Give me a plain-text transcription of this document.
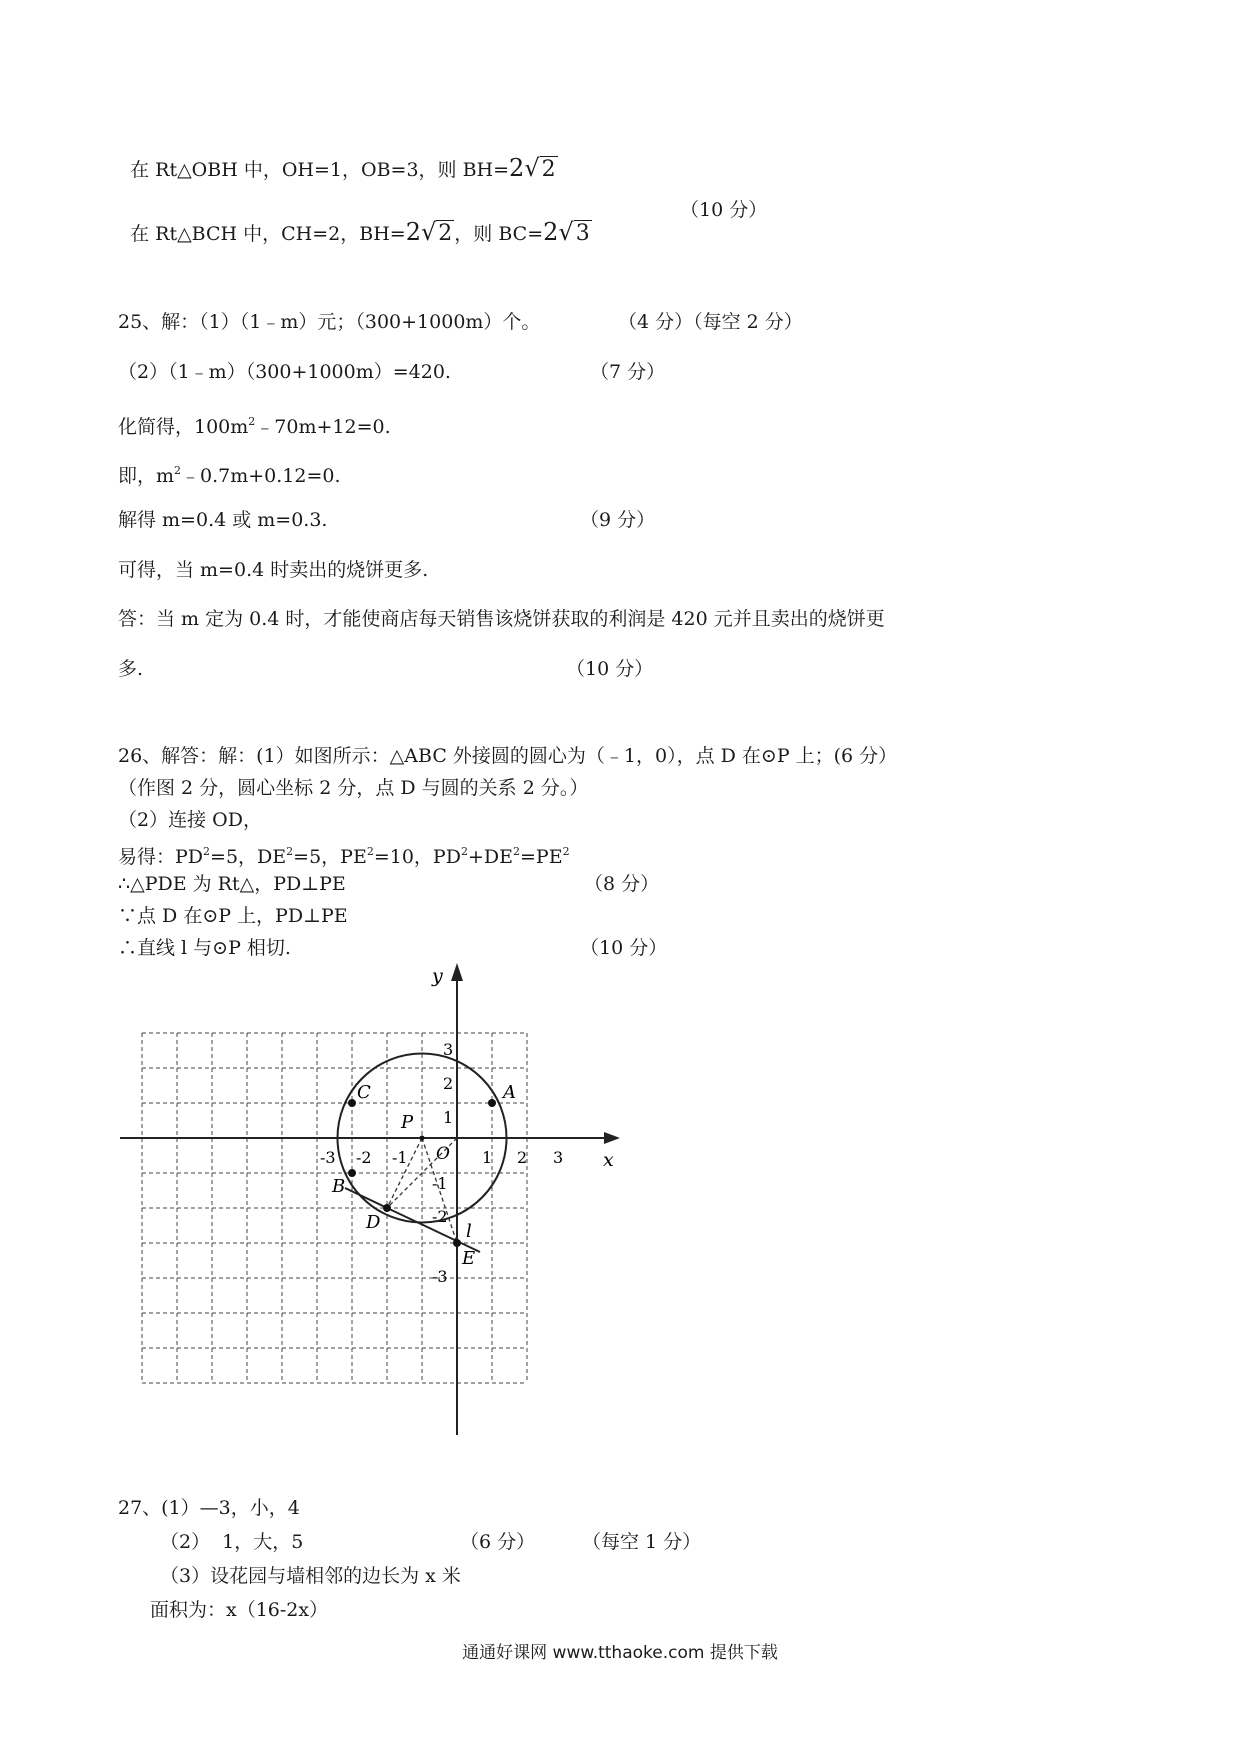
在 Rt△OBH 中，OH=1，OB=3，则 BH=2√2

在 Rt△BCH 中，CH=2，BH=2√2 ，则 BC=2√3

（10 分）
25、解：（1）（1﹣m）元；（300+1000m）个。	（4 分）（每空 2 分）
（2）（1﹣m）（300+1000m）=420.	（7 分）
化简得，$100m^2﹣70m+12=0$.
即，$m^2﹣0.7m+0.12=0$.
解得 m=0.4 或 m=0.3.	（9 分）
可得，当 m=0.4 时卖出的烧饼更多.
答：当 m 定为 0.4 时，才能使商店每天销售该烧饼获取的利润是 420 元并且卖出的烧饼更
多.	（10 分）
26、解答：解：(1）如图所示：△ABC 外接圆的圆心为（﹣1，0），点 D 在⊙P 上；(6 分）
（作图 2 分，圆心坐标 2 分，点 D 与圆的关系 2 分。）
（2）连接 OD，
易得：$PD^2=5$，$DE^2=5$，$PE^2=10$，$PD^2+DE^2=PE^2$
∴△PDE 为 Rt△，PD⊥PE	（8 分）
∵点 D 在⊙P 上，PD⊥PE
∴直线 l 与⊙P 相切.	（10 分）
x
y
O
-3 -2 -1	1 2 3
3
2
1
-1
-2
-3
A
C
B
D
E
P
l
27、(1）—3，小，4
（2）  1，大，5	（6 分） （每空 1 分）
（3）设花园与墙相邻的边长为 x 米
面积为：x（16-2x）
通通好课网 www.tthaoke.com 提供下载
